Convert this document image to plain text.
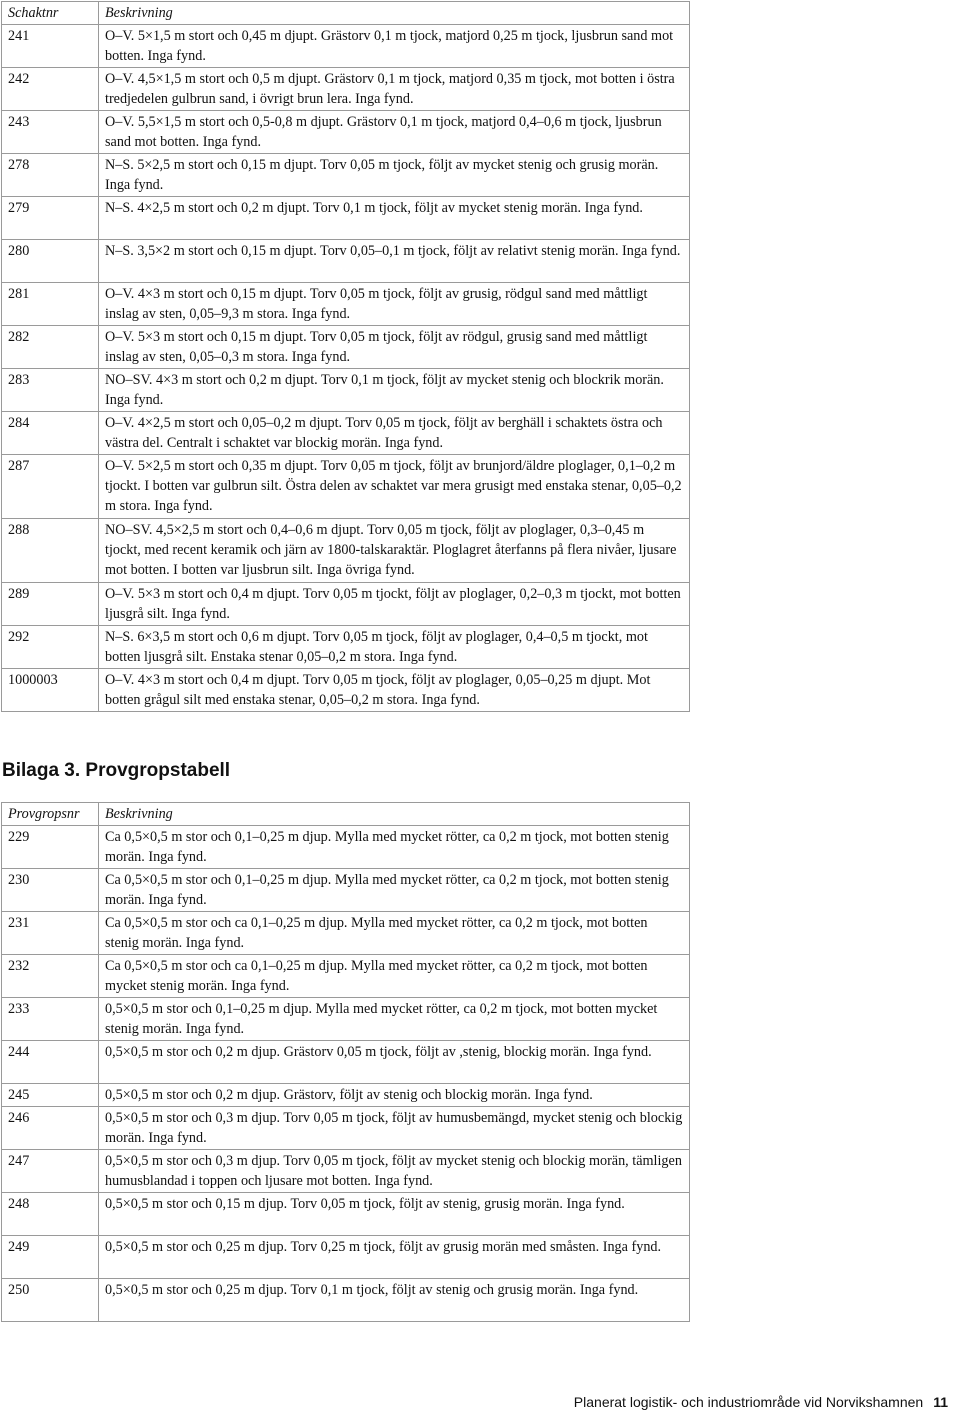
Schaktnr	Beskrivning
241	O–V. 5×1,5 m stort och 0,45 m djupt. Grästorv 0,1 m tjock, matjord 0,25 m tjock, ljusbrun sand mot botten. Inga fynd.
242	O–V. 4,5×1,5 m stort och 0,5 m djupt. Grästorv 0,1 m tjock, matjord 0,35 m tjock, mot botten i östra tredjedelen gulbrun sand, i övrigt brun lera. Inga fynd.
243	O–V. 5,5×1,5 m stort och 0,5-0,8 m djupt. Grästorv 0,1 m tjock, matjord 0,4–0,6 m tjock, ljusbrun sand mot botten. Inga fynd.
278	N–S. 5×2,5 m stort och 0,15 m djupt. Torv 0,05 m tjock, följt av mycket stenig och grusig morän. Inga fynd.
279	N–S. 4×2,5 m stort och 0,2 m djupt. Torv 0,1 m tjock, följt av mycket stenig morän. Inga fynd.
280	N–S. 3,5×2 m stort och 0,15 m djupt. Torv 0,05–0,1 m tjock, följt av relativt stenig morän. Inga fynd.
281	O–V. 4×3 m stort och 0,15 m djupt. Torv 0,05 m tjock, följt av grusig, rödgul sand med måttligt inslag av sten, 0,05–9,3 m stora. Inga fynd.
282	O–V. 5×3 m stort och 0,15 m djupt. Torv 0,05 m tjock, följt av rödgul, grusig sand med måttligt inslag av sten, 0,05–0,3 m stora. Inga fynd.
283	NO–SV. 4×3 m stort och 0,2 m djupt. Torv 0,1 m tjock, följt av mycket stenig och blockrik morän. Inga fynd.
284	O–V. 4×2,5 m stort och 0,05–0,2 m djupt. Torv 0,05 m tjock, följt av berghäll i schaktets östra och västra del. Centralt i schaktet var blockig morän. Inga fynd.
287	O–V. 5×2,5 m stort och 0,35 m djupt. Torv 0,05 m tjock, följt av brunjord/äldre ploglager, 0,1–0,2 m tjockt. I botten var gulbrun silt. Östra delen av schaktet var mera grusigt med enstaka stenar, 0,05–0,2 m stora. Inga fynd.
288	NO–SV. 4,5×2,5 m stort och 0,4–0,6 m djupt. Torv 0,05 m tjock, följt av ploglager, 0,3–0,45 m tjockt, med recent keramik och järn av 1800-talskaraktär. Ploglagret återfanns på flera nivåer, ljusare mot botten. I botten var ljusbrun silt. Inga övriga fynd.
289	O–V. 5×3 m stort och 0,4 m djupt. Torv 0,05 m tjockt, följt av ploglager, 0,2–0,3 m tjockt, mot botten ljusgrå silt. Inga fynd.
292	N–S. 6×3,5 m stort och 0,6 m djupt. Torv 0,05 m tjock, följt av ploglager, 0,4–0,5 m tjockt, mot botten ljusgrå silt. Enstaka stenar 0,05–0,2 m stora. Inga fynd.
1000003	O–V. 4×3 m stort och 0,4 m djupt. Torv 0,05 m tjock, följt av ploglager, 0,05–0,25 m djupt. Mot botten grågul silt med enstaka stenar, 0,05–0,2 m stora. Inga fynd.
Bilaga 3. Provgropstabell
Provgropsnr	Beskrivning
229	Ca 0,5×0,5 m stor och 0,1–0,25 m djup. Mylla med mycket rötter, ca 0,2 m tjock, mot botten stenig morän. Inga fynd.
230	Ca 0,5×0,5 m stor och 0,1–0,25 m djup. Mylla med mycket rötter, ca 0,2 m tjock, mot botten stenig morän. Inga fynd.
231	Ca 0,5×0,5 m stor och ca 0,1–0,25 m djup. Mylla med mycket rötter, ca 0,2 m tjock, mot botten stenig morän. Inga fynd.
232	Ca 0,5×0,5 m stor och ca 0,1–0,25 m djup. Mylla med mycket rötter, ca 0,2 m tjock, mot botten mycket stenig morän. Inga fynd.
233	0,5×0,5 m stor och 0,1–0,25 m djup. Mylla med mycket rötter, ca 0,2 m tjock, mot botten mycket stenig morän. Inga fynd.
244	0,5×0,5 m stor och 0,2 m djup. Grästorv 0,05 m tjock, följt av ,stenig, blockig morän. Inga fynd.
245	0,5×0,5 m stor och 0,2 m djup. Grästorv, följt av stenig och blockig morän. Inga fynd.
246	0,5×0,5 m stor och 0,3 m djup. Torv 0,05 m tjock, följt av humusbemängd, mycket stenig och blockig morän. Inga fynd.
247	0,5×0,5 m stor och 0,3 m djup. Torv 0,05 m tjock, följt av mycket stenig och blockig morän, tämligen humusblandad i toppen och ljusare mot botten. Inga fynd.
248	0,5×0,5 m stor och 0,15 m djup. Torv 0,05 m tjock, följt av stenig, grusig morän. Inga fynd.
249	0,5×0,5 m stor och 0,25 m djup. Torv 0,25 m tjock, följt av grusig morän med småsten. Inga fynd.
250	0,5×0,5 m stor och 0,25 m djup. Torv 0,1 m tjock, följt av stenig och grusig morän. Inga fynd.
Planerat logistik- och industriområde vid Norvikshamnen 11
